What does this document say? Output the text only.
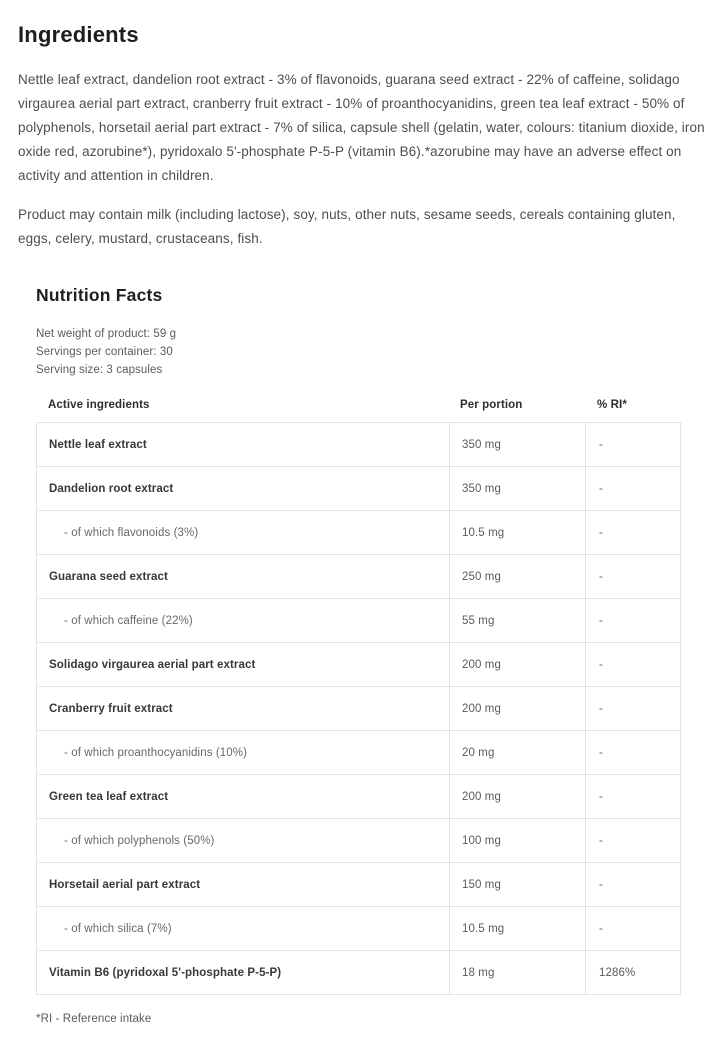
Ingredients

Nettle leaf extract, dandelion root extract - 3% of flavonoids, guarana seed extract - 22% of caffeine, solidago virgaurea aerial part extract, cranberry fruit extract - 10% of proanthocyanidins, green tea leaf extract - 50% of polyphenols, horsetail aerial part extract - 7% of silica, capsule shell (gelatin, water, colours: titanium dioxide, iron oxide red, azorubine*), pyridoxalo 5'-phosphate P-5-P (vitamin B6).*azorubine may have an adverse effect on activity and attention in children.

Product may contain milk (including lactose), soy, nuts, other nuts, sesame seeds, cereals containing gluten, eggs, celery, mustard, crustaceans, fish.

Nutrition Facts
Net weight of product: 59 g
Servings per container: 30
Serving size: 3 capsules
Active ingredients	Per portion	% RI*
Nettle leaf extract	350 mg	-
Dandelion root extract	350 mg	-
- of which flavonoids (3%)	10.5 mg	-
Guarana seed extract	250 mg	-
- of which caffeine (22%)	55 mg	-
Solidago virgaurea aerial part extract	200 mg	-
Cranberry fruit extract	200 mg	-
- of which proanthocyanidins (10%)	20 mg	-
Green tea leaf extract	200 mg	-
- of which polyphenols (50%)	100 mg	-
Horsetail aerial part extract	150 mg	-
- of which silica (7%)	10.5 mg	-
Vitamin B6 (pyridoxal 5'-phosphate P-5-P)	18 mg	1286%

*RI - Reference intake
